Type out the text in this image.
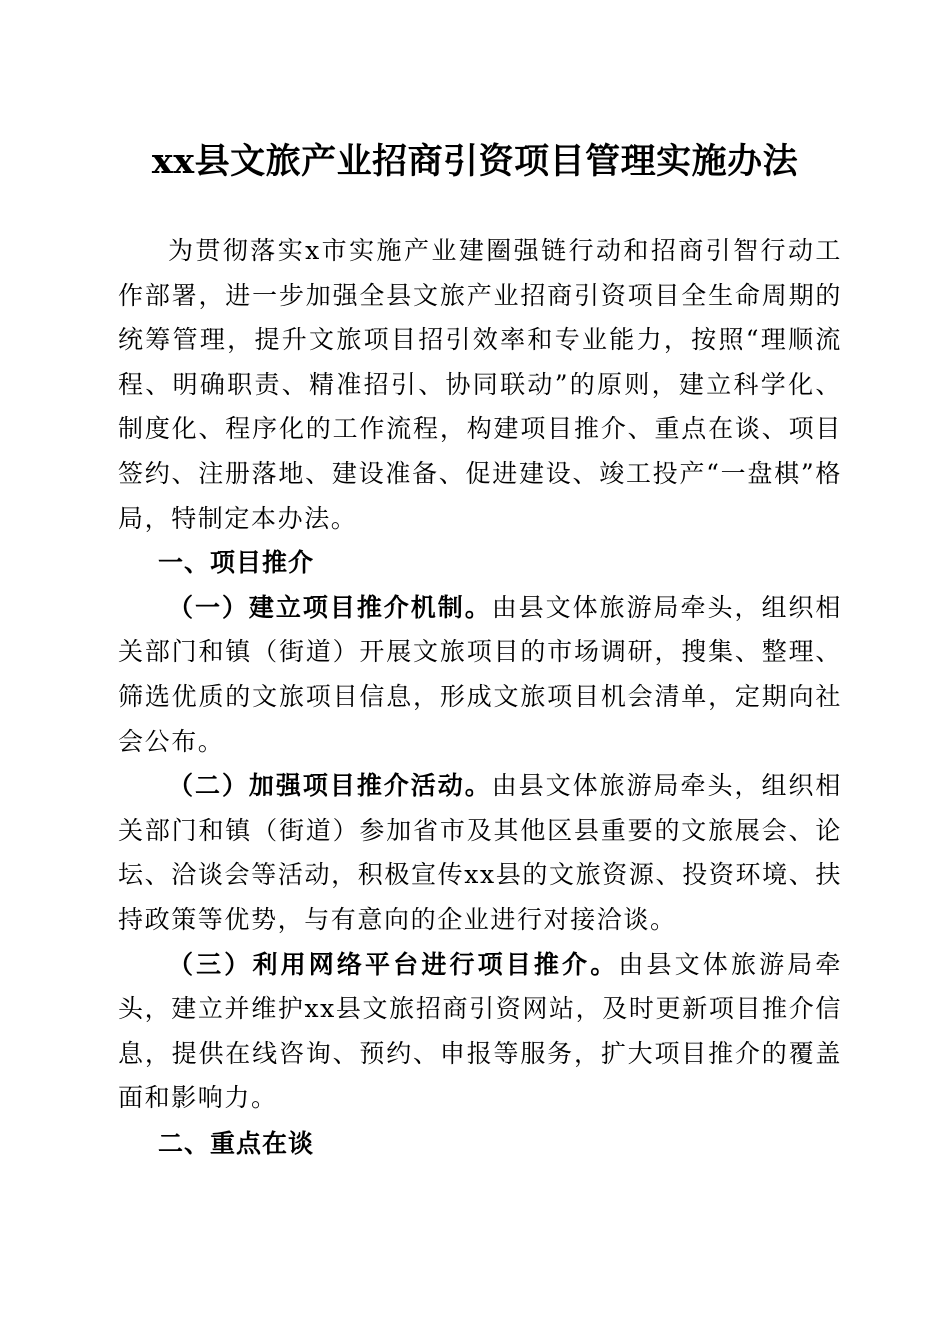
xx县文旅产业招商引资项目管理实施办法

为贯彻落实x市实施产业建圈强链行动和招商引智行动工作部署，进一步加强全县文旅产业招商引资项目全生命周期的统筹管理，提升文旅项目招引效率和专业能力，按照“理顺流程、明确职责、精准招引、协同联动”的原则，建立科学化、制度化、程序化的工作流程，构建项目推介、重点在谈、项目签约、注册落地、建设准备、促进建设、竣工投产“一盘棋”格局，特制定本办法。

一、项目推介

（一）建立项目推介机制。由县文体旅游局牵头，组织相关部门和镇（街道）开展文旅项目的市场调研，搜集、整理、筛选优质的文旅项目信息，形成文旅项目机会清单，定期向社会公布。

（二）加强项目推介活动。由县文体旅游局牵头，组织相关部门和镇（街道）参加省市及其他区县重要的文旅展会、论坛、洽谈会等活动，积极宣传xx县的文旅资源、投资环境、扶持政策等优势，与有意向的企业进行对接洽谈。

（三）利用网络平台进行项目推介。由县文体旅游局牵头，建立并维护xx县文旅招商引资网站，及时更新项目推介信息，提供在线咨询、预约、申报等服务，扩大项目推介的覆盖面和影响力。

二、重点在谈
